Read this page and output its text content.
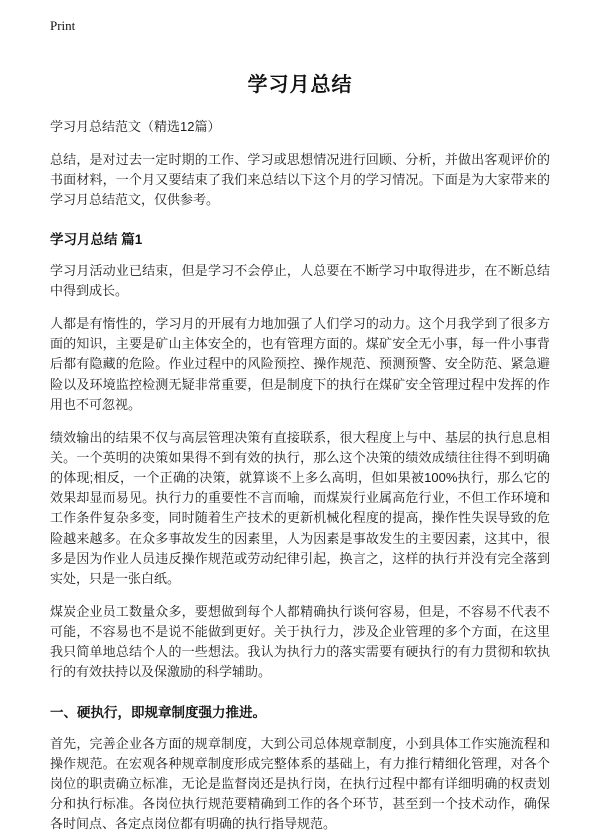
Print
学习月总结

学习月总结范文（精选12篇）

总结，是对过去一定时期的工作、学习或思想情况进行回顾、分析，并做出客观评价的书面材料，一个月又要结束了我们来总结以下这个月的学习情况。下面是为大家带来的学习月总结范文，仅供参考。

学习月总结 篇1

学习月活动业已结束，但是学习不会停止，人总要在不断学习中取得进步，在不断总结中得到成长。

人都是有惰性的，学习月的开展有力地加强了人们学习的动力。这个月我学到了很多方面的知识，主要是矿山主体安全的，也有管理方面的。煤矿安全无小事，每一件小事背后都有隐藏的危险。作业过程中的风险预控、操作规范、预测预警、安全防范、紧急避险以及环境监控检测无疑非常重要，但是制度下的执行在煤矿安全管理过程中发挥的作用也不可忽视。

绩效输出的结果不仅与高层管理决策有直接联系，很大程度上与中、基层的执行息息相关。一个英明的决策如果得不到有效的执行，那么这个决策的绩效成绩往往得不到明确的体现;相反，一个正确的决策，就算谈不上多么高明，但如果被100%执行，那么它的效果却显而易见。执行力的重要性不言而喻，而煤炭行业属高危行业，不但工作环境和工作条件复杂多变，同时随着生产技术的更新机械化程度的提高，操作性失误导致的危险越来越多。在众多事故发生的因素里，人为因素是事故发生的主要因素，这其中，很多是因为作业人员违反操作规范或劳动纪律引起，换言之，这样的执行并没有完全落到实处，只是一张白纸。

煤炭企业员工数量众多，要想做到每个人都精确执行谈何容易，但是，不容易不代表不可能，不容易也不是说不能做到更好。关于执行力，涉及企业管理的多个方面，在这里我只简单地总结个人的一些想法。我认为执行力的落实需要有硬执行的有力贯彻和软执行的有效扶持以及保激励的科学辅助。

一、硬执行，即规章制度强力推进。

首先，完善企业各方面的规章制度，大到公司总体规章制度，小到具体工作实施流程和操作规范。在宏观各种规章制度形成完整体系的基础上，有力推行精细化管理，对各个岗位的职责确立标准，无论是监督岗还是执行岗，在执行过程中都有详细明确的权责划分和执行标准。各岗位执行规范要精确到工作的各个环节，甚至到一个技术动作，确保各时间点、各定点岗位都有明确的执行指导规范。
